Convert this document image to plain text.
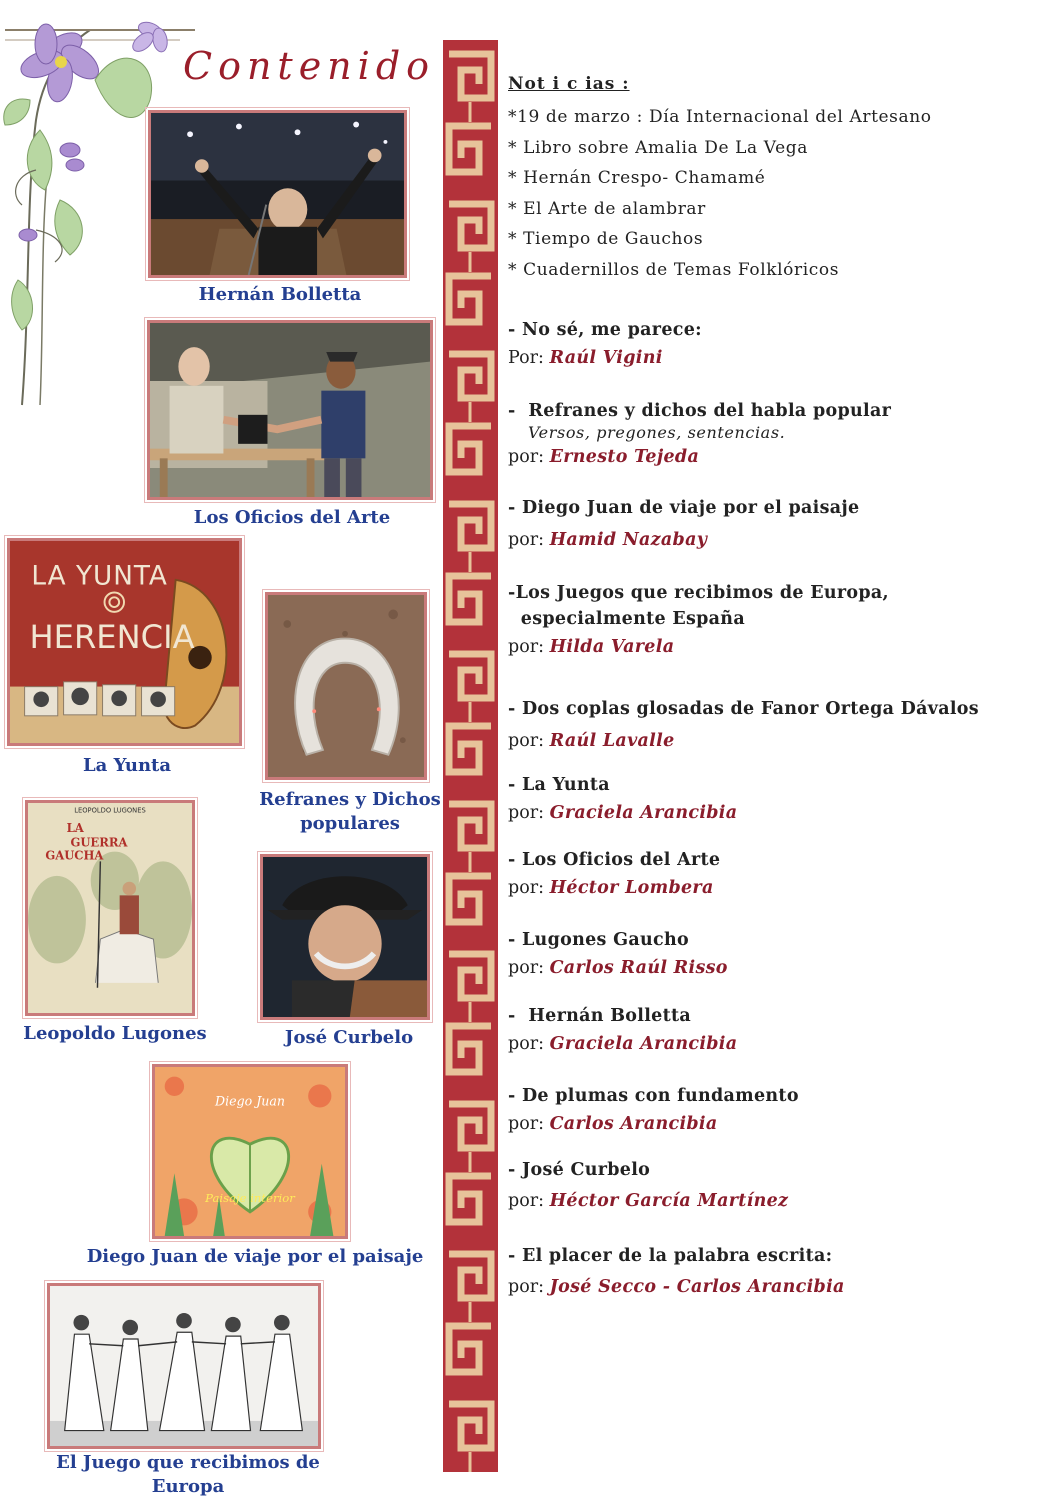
Contenido
Hernán Bolletta
Los Oficios del Arte
LA YUNTA
HERENCIA
La Yunta
Refranes y Dichos populares
LEOPOLDO LUGONES
LA
GUERRA
GAUCHA
Leopoldo Lugones	José Curbelo
Diego Juan
Paisaje interior
Diego Juan de viaje por el paisaje
El Juego que recibimos de Europa
Not i c ias :
*19 de marzo : Día Internacional del Artesano
* Libro sobre Amalia De La Vega
* Hernán Crespo- Chamamé
* El Arte de alambrar
* Tiempo de Gauchos
* Cuadernillos de Temas Folklóricos
- No sé, me parece:
Por: Raúl Vigini
-  Refranes y dichos del habla popular
Versos, pregones, sentencias.
por: Ernesto Tejeda
- Diego Juan de viaje por el paisaje
por: Hamid Nazabay
-Los Juegos que recibimos de Europa,
especialmente España
por: Hilda Varela
- Dos coplas glosadas de Fanor Ortega Dávalos
por: Raúl Lavalle
- La Yunta
por: Graciela Arancibia
- Los Oficios del Arte
por: Héctor Lombera
- Lugones Gaucho
por: Carlos Raúl Risso
-  Hernán Bolletta
por: Graciela Arancibia
- De plumas con fundamento
por: Carlos Arancibia
- José Curbelo
por: Héctor García Martínez
- El placer de la palabra escrita:
por: José Secco - Carlos Arancibia
